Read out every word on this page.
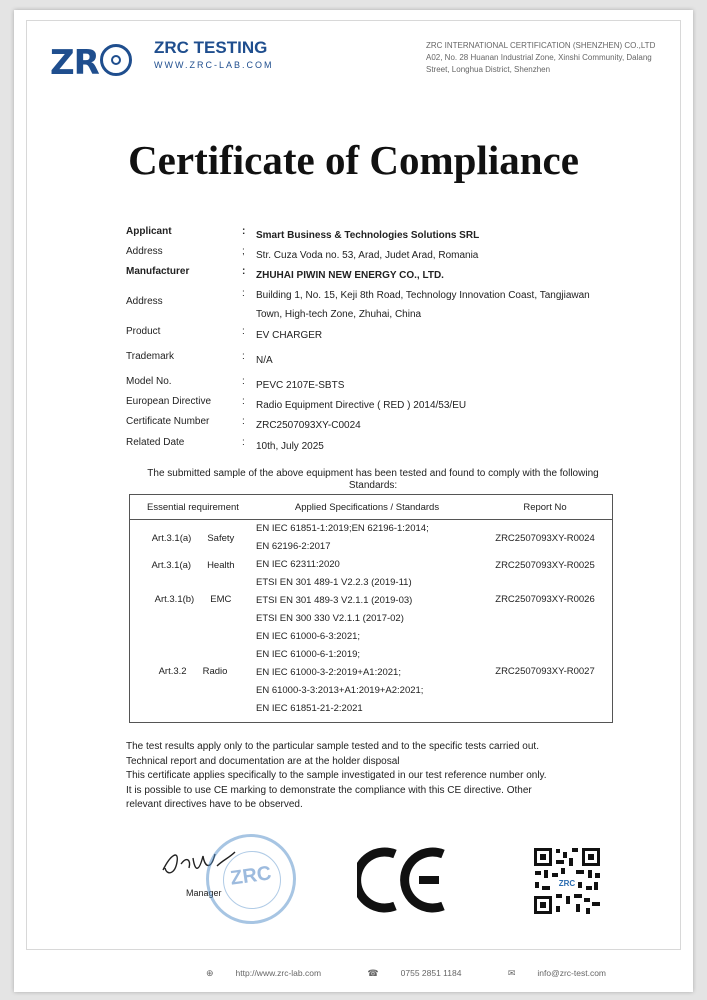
ZR	ZRC TESTING
WWW.ZRC-LAB.COM
ZRC INTERNATIONAL CERTIFICATION (SHENZHEN) CO.,LTD
A02, No. 28 Huanan Industrial Zone, Xinshi Community, Dalang
Street, Longhua District, Shenzhen
Certificate of Compliance
Applicant	: Smart Business & Technologies Solutions SRL
Address	; Str. Cuza Voda no. 53, Arad, Judet Arad, Romania
Manufacturer	: ZHUHAI PIWIN NEW ENERGY CO., LTD.
Address
: Building 1, No. 15, Keji 8th Road, Technology Innovation Coast, Tangjiawan Town, High-tech Zone, Zhuhai, China
Product	: EV CHARGER
Trademark	: N/A
Model No.	: PEVC 2107E-SBTS
European Directive	: Radio Equipment Directive ( RED ) 2014/53/EU
Certificate Number	: ZRC2507093XY-C0024
Related Date	: 10th, July 2025
The submitted sample of the above equipment has been tested and found to comply with the following Standards:
Essential requirement	Applied Specifications / Standards	Report No
Art.3.1(a) Safety	EN IEC 61851-1:2019;EN 62196-1:2014;
EN 62196-2:2017	ZRC2507093XY-R0024
Art.3.1(a) Health	EN IEC 62311:2020	ZRC2507093XY-R0025
Art.3.1(b) EMC	ETSI EN 301 489-1 V2.2.3 (2019-11)
ETSI EN 301 489-3 V2.1.1 (2019-03)
ETSI EN 300 330 V2.1.1 (2017-02)
EN IEC 61000-6-3:2021;
EN IEC 61000-6-1:2019;	ZRC2507093XY-R0026
Art.3.2 Radio	EN IEC 61000-3-2:2019+A1:2021;
EN 61000-3-3:2013+A1:2019+A2:2021;
EN IEC 61851-21-2:2021	ZRC2507093XY-R0027
The test results apply only to the particular sample tested and to the specific tests carried out.
Technical report and documentation are at the holder disposal
This certificate applies specifically to the sample investigated in our test reference number only.
It is possible to use CE marking to demonstrate the compliance with this CE directive. Other
relevant directives have to be observed.
Manager
ZRC	ZRC
⊕	http://www.zrc-lab.com	☎	0755 2851 1184	✉	info@zrc-test.com
